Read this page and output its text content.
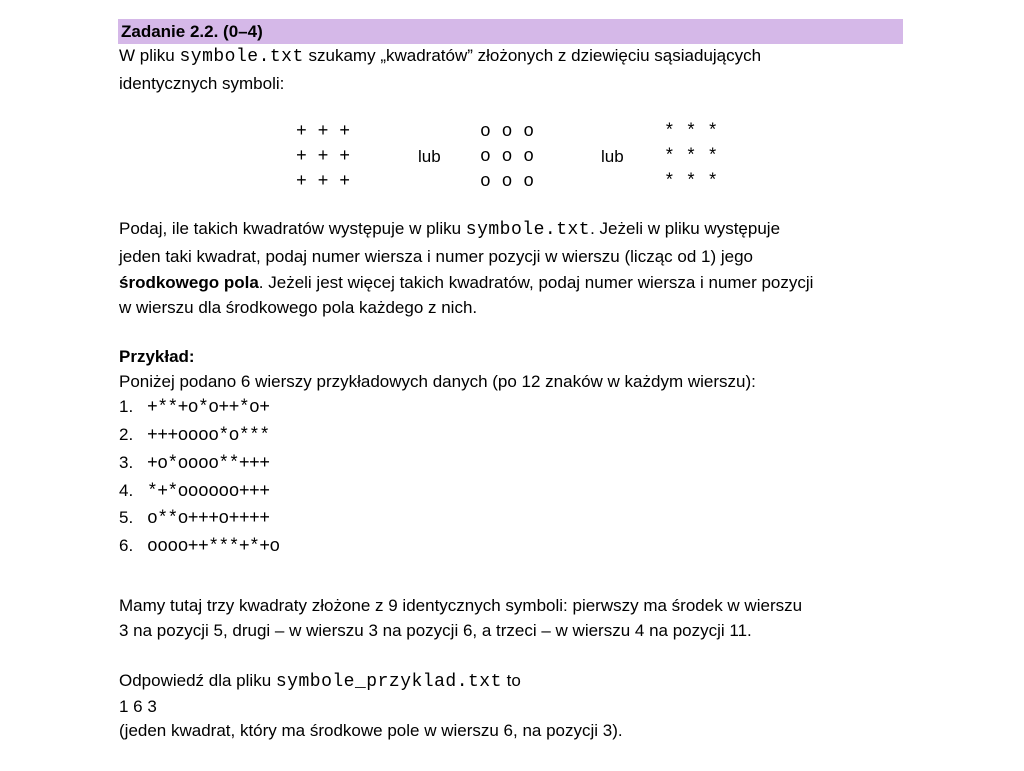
Zadanie 2.2. (0–4)
W pliku symbole.txt szukamy „kwadratów” złożonych z dziewięciu sąsiadujących
identycznych symboli:
+ + +
+ + +
+ + +
lub
o o o
o o o
o o o
lub
* * *
* * *
* * *
Podaj, ile takich kwadratów występuje w pliku symbole.txt. Jeżeli w pliku występuje
jeden taki kwadrat, podaj numer wiersza i numer pozycji w wierszu (licząc od 1) jego
środkowego pola. Jeżeli jest więcej takich kwadratów, podaj numer wiersza i numer pozycji
w wierszu dla środkowego pola każdego z nich.
Przykład:
Poniżej podano 6 wierszy przykładowych danych (po 12 znaków w każdym wierszu):
1. +**+o*o++*o+
2. +++oooo*o***
3. +o*oooo**+++
4. *+*oooooo+++
5. o**o+++o++++
6. oooo++***+*+o
Mamy tutaj trzy kwadraty złożone z 9 identycznych symboli: pierwszy ma środek w wierszu
3 na pozycji 5, drugi – w wierszu 3 na pozycji 6, a trzeci – w wierszu 4 na pozycji 11.
Odpowiedź dla pliku symbole_przyklad.txt to
1 6 3
(jeden kwadrat, który ma środkowe pole w wierszu 6, na pozycji 3).
